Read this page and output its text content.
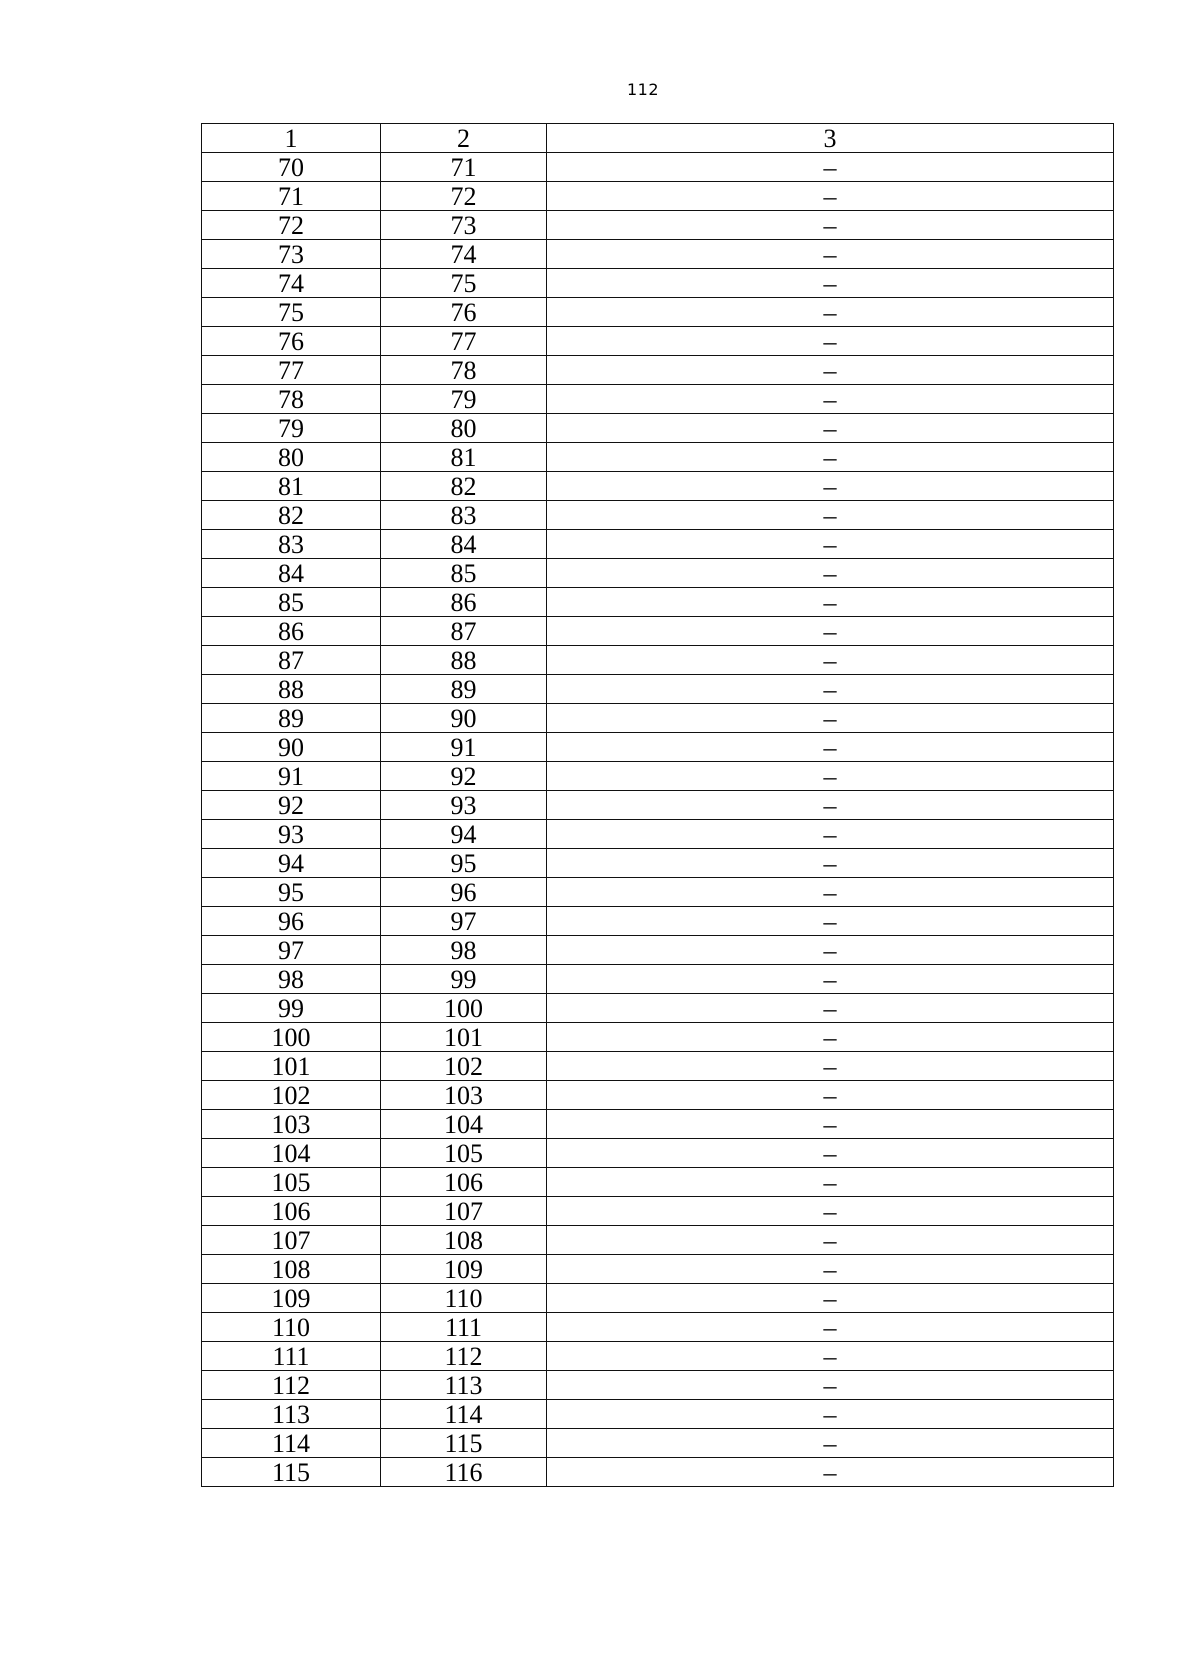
112
1	2	3
70	71	–
71	72	–
72	73	–
73	74	–
74	75	–
75	76	–
76	77	–
77	78	–
78	79	–
79	80	–
80	81	–
81	82	–
82	83	–
83	84	–
84	85	–
85	86	–
86	87	–
87	88	–
88	89	–
89	90	–
90	91	–
91	92	–
92	93	–
93	94	–
94	95	–
95	96	–
96	97	–
97	98	–
98	99	–
99	100	–
100	101	–
101	102	–
102	103	–
103	104	–
104	105	–
105	106	–
106	107	–
107	108	–
108	109	–
109	110	–
110	111	–
111	112	–
112	113	–
113	114	–
114	115	–
115	116	–
